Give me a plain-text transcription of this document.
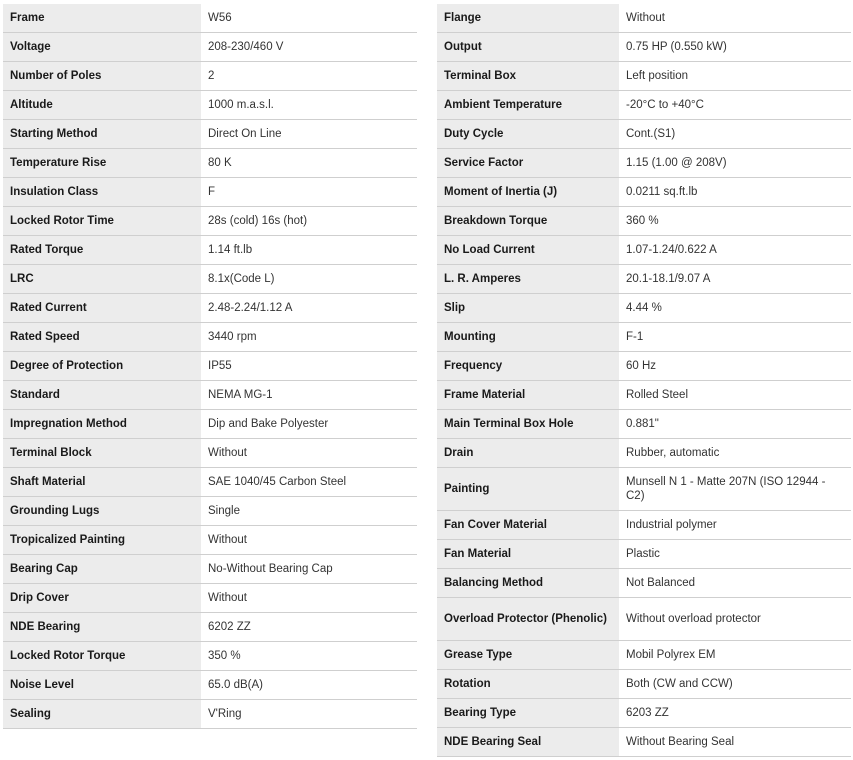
Frame	W56
Voltage	208-230/460 V
Number of Poles	2
Altitude	1000 m.a.s.l.
Starting Method	Direct On Line
Temperature Rise	80 K
Insulation Class	F
Locked Rotor Time	28s (cold) 16s (hot)
Rated Torque	1.14 ft.lb
LRC	8.1x(Code L)
Rated Current	2.48-2.24/1.12 A
Rated Speed	3440 rpm
Degree of Protection	IP55
Standard	NEMA MG-1
Impregnation Method	Dip and Bake Polyester
Terminal Block	Without
Shaft Material	SAE 1040/45 Carbon Steel
Grounding Lugs	Single
Tropicalized Painting	Without
Bearing Cap	No-Without Bearing Cap
Drip Cover	Without
NDE Bearing	6202 ZZ
Locked Rotor Torque	350 %
Noise Level	65.0 dB(A)
Sealing	V'Ring
Flange	Without
Output	0.75 HP (0.550 kW)
Terminal Box	Left position
Ambient Temperature	-20°C to +40°C
Duty Cycle	Cont.(S1)
Service Factor	1.15 (1.00 @ 208V)
Moment of Inertia (J)	0.0211 sq.ft.lb
Breakdown Torque	360 %
No Load Current	1.07-1.24/0.622 A
L. R. Amperes	20.1-18.1/9.07 A
Slip	4.44 %
Mounting	F-1
Frequency	60 Hz
Frame Material	Rolled Steel
Main Terminal Box Hole	0.881"
Drain	Rubber, automatic
Painting	Munsell N 1 - Matte 207N (ISO 12944 - C2)
Fan Cover Material	Industrial polymer
Fan Material	Plastic
Balancing Method	Not Balanced
Overload Protector (Phenolic)	Without overload protector
Grease Type	Mobil Polyrex EM
Rotation	Both (CW and CCW)
Bearing Type	6203 ZZ
NDE Bearing Seal	Without Bearing Seal
